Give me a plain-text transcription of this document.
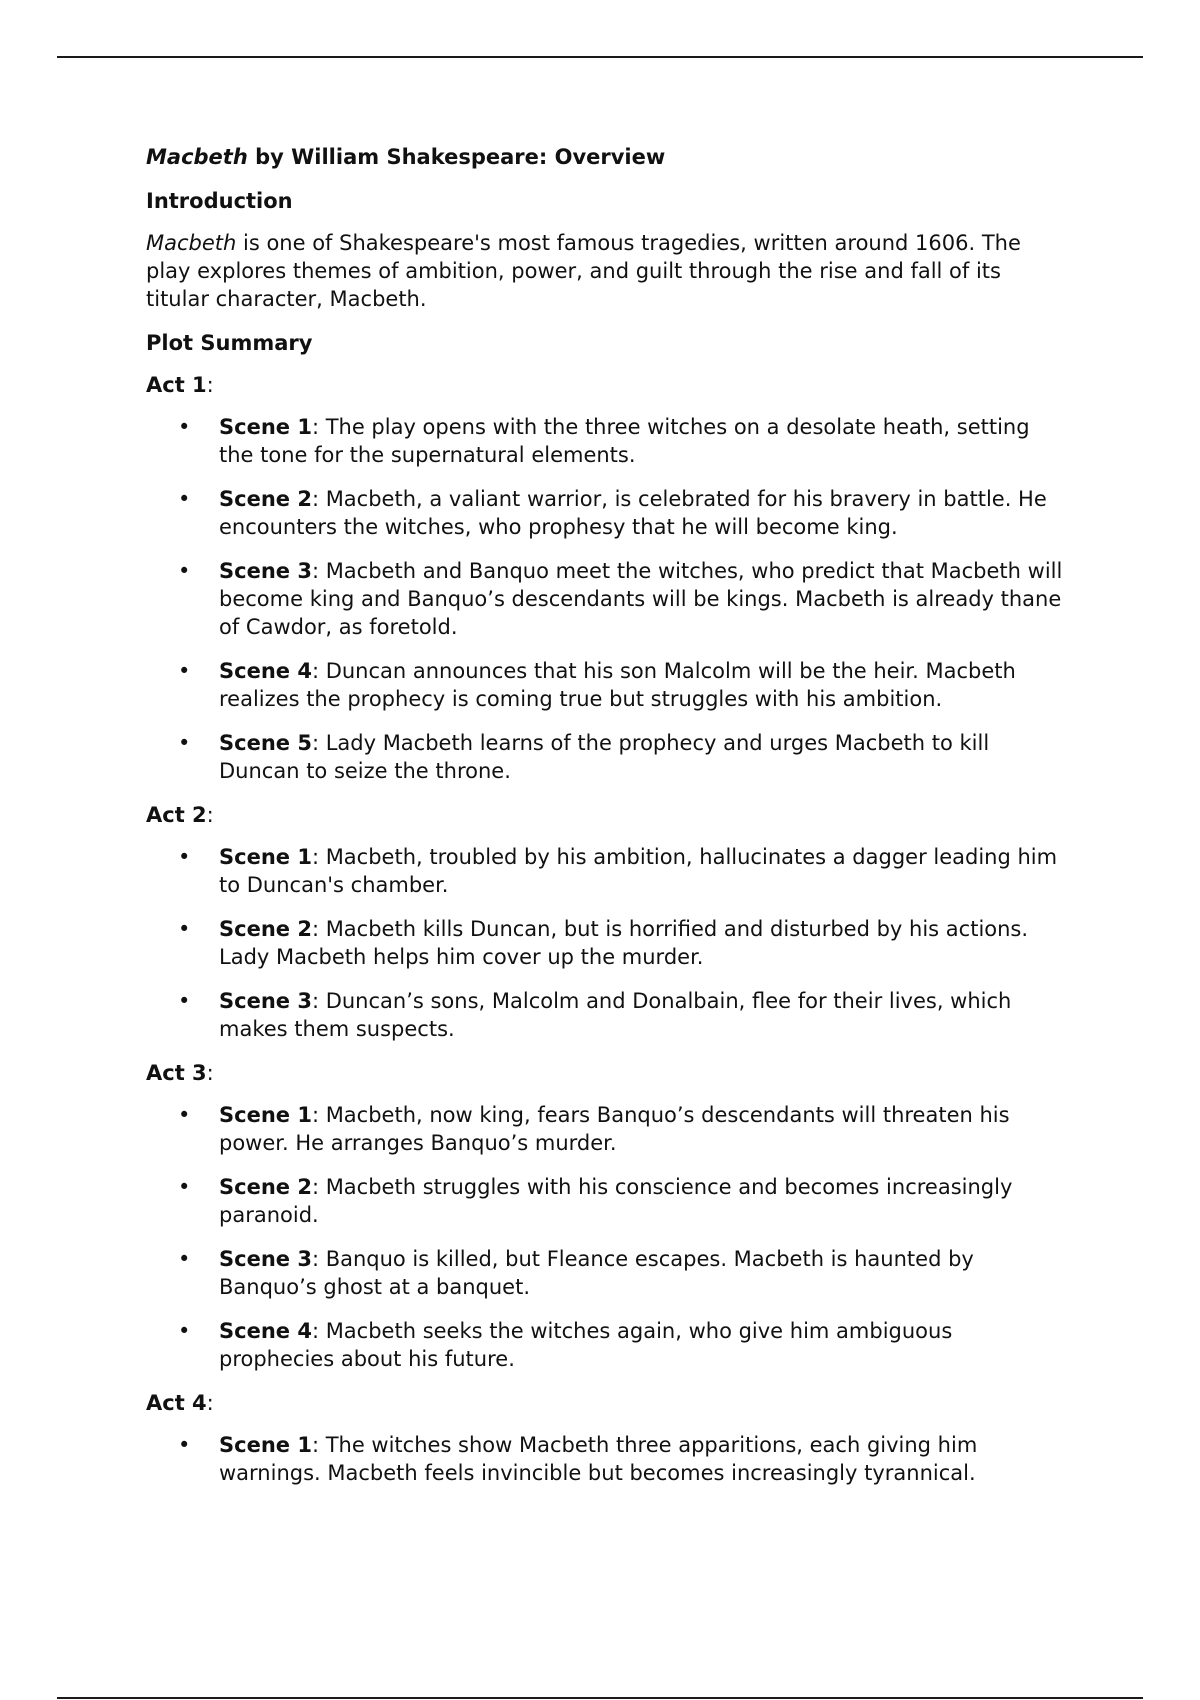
Macbeth by William Shakespeare: Overview
Introduction

Macbeth is one of Shakespeare's most famous tragedies, written around 1606. The play explores themes of ambition, power, and guilt through the rise and fall of its titular character, Macbeth.

Plot Summary
Act 1:
• Scene 1: The play opens with the three witches on a desolate heath, setting the tone for the supernatural elements.
• Scene 2: Macbeth, a valiant warrior, is celebrated for his bravery in battle. He encounters the witches, who prophesy that he will become king.
• Scene 3: Macbeth and Banquo meet the witches, who predict that Macbeth will become king and Banquo’s descendants will be kings. Macbeth is already thane of Cawdor, as foretold.
• Scene 4: Duncan announces that his son Malcolm will be the heir. Macbeth realizes the prophecy is coming true but struggles with his ambition.
• Scene 5: Lady Macbeth learns of the prophecy and urges Macbeth to kill Duncan to seize the throne.
Act 2:
• Scene 1: Macbeth, troubled by his ambition, hallucinates a dagger leading him to Duncan's chamber.
• Scene 2: Macbeth kills Duncan, but is horrified and disturbed by his actions. Lady Macbeth helps him cover up the murder.
• Scene 3: Duncan’s sons, Malcolm and Donalbain, flee for their lives, which makes them suspects.
Act 3:
• Scene 1: Macbeth, now king, fears Banquo’s descendants will threaten his power. He arranges Banquo’s murder.
• Scene 2: Macbeth struggles with his conscience and becomes increasingly paranoid.
• Scene 3: Banquo is killed, but Fleance escapes. Macbeth is haunted by Banquo’s ghost at a banquet.
• Scene 4: Macbeth seeks the witches again, who give him ambiguous prophecies about his future.
Act 4:
• Scene 1: The witches show Macbeth three apparitions, each giving him warnings. Macbeth feels invincible but becomes increasingly tyrannical.
